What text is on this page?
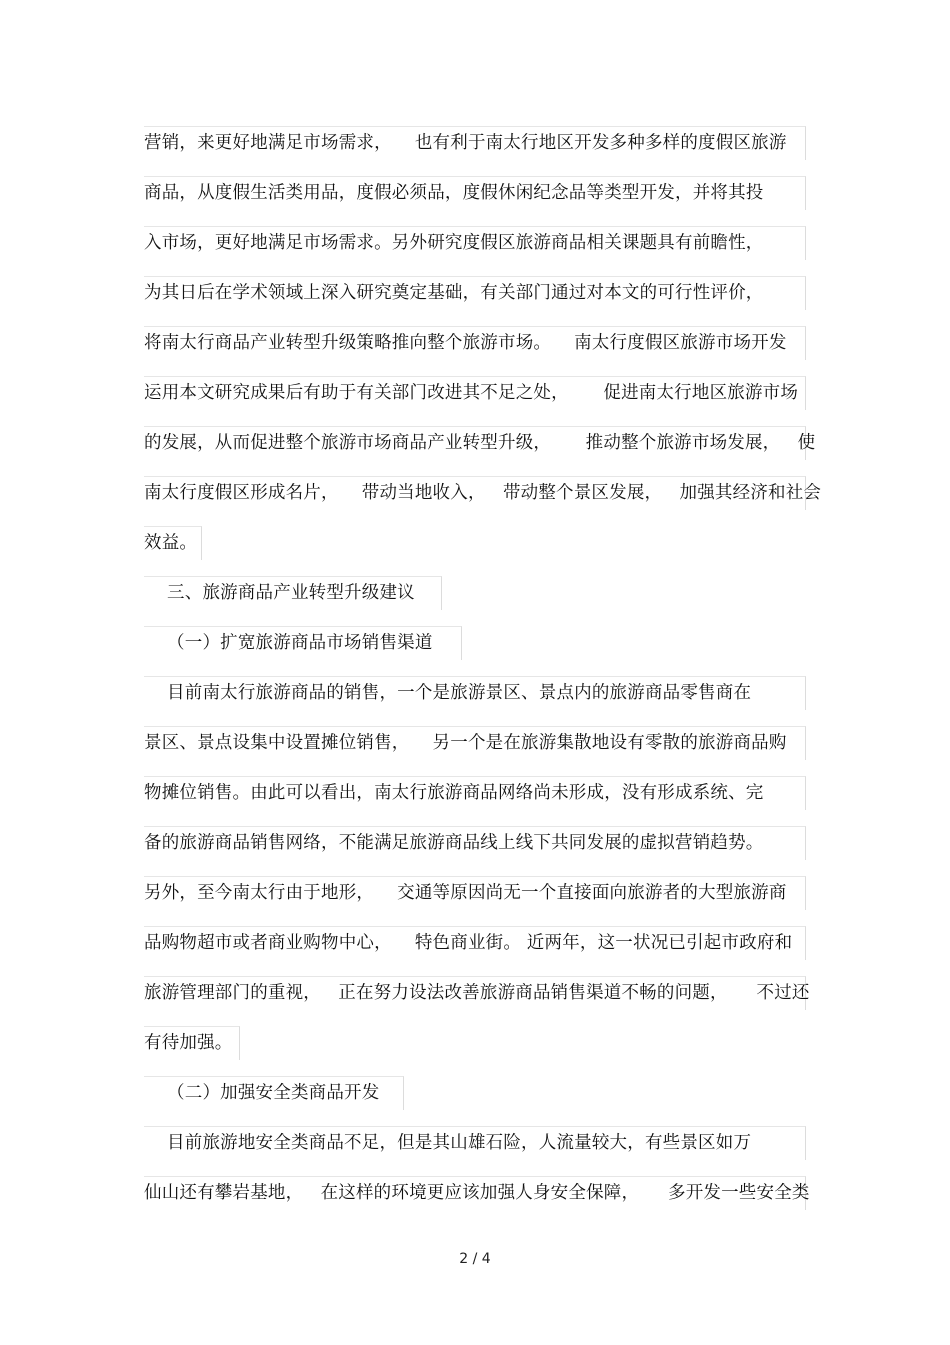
营销，来更好地满足市场需求，    也有利于南太行地区开发多种多样的度假区旅游
商品，从度假生活类用品，度假必须品，度假休闲纪念品等类型开发，并将其投
入市场，更好地满足市场需求。另外研究度假区旅游商品相关课题具有前瞻性，
为其日后在学术领域上深入研究奠定基础，有关部门通过对本文的可行性评价，
将南太行商品产业转型升级策略推向整个旅游市场。    南太行度假区旅游市场开发
运用本文研究成果后有助于有关部门改进其不足之处，      促进南太行地区旅游市场
的发展，从而促进整个旅游市场商品产业转型升级，      推动整个旅游市场发展，   使
南太行度假区形成名片，    带动当地收入，   带动整个景区发展，   加强其经济和社会
效益。
三、旅游商品产业转型升级建议
（一）扩宽旅游商品市场销售渠道
目前南太行旅游商品的销售，一个是旅游景区、景点内的旅游商品零售商在
景区、景点设集中设置摊位销售，    另一个是在旅游集散地设有零散的旅游商品购
物摊位销售。由此可以看出，南太行旅游商品网络尚未形成，没有形成系统、完
备的旅游商品销售网络，不能满足旅游商品线上线下共同发展的虚拟营销趋势。
另外，至今南太行由于地形，    交通等原因尚无一个直接面向旅游者的大型旅游商
品购物超市或者商业购物中心，    特色商业街。 近两年，这一状况已引起市政府和
旅游管理部门的重视，   正在努力设法改善旅游商品销售渠道不畅的问题，     不过还
有待加强。
（二）加强安全类商品开发
目前旅游地安全类商品不足，但是其山雄石险，人流量较大，有些景区如万
仙山还有攀岩基地，   在这样的环境更应该加强人身安全保障，     多开发一些安全类
2 / 4
